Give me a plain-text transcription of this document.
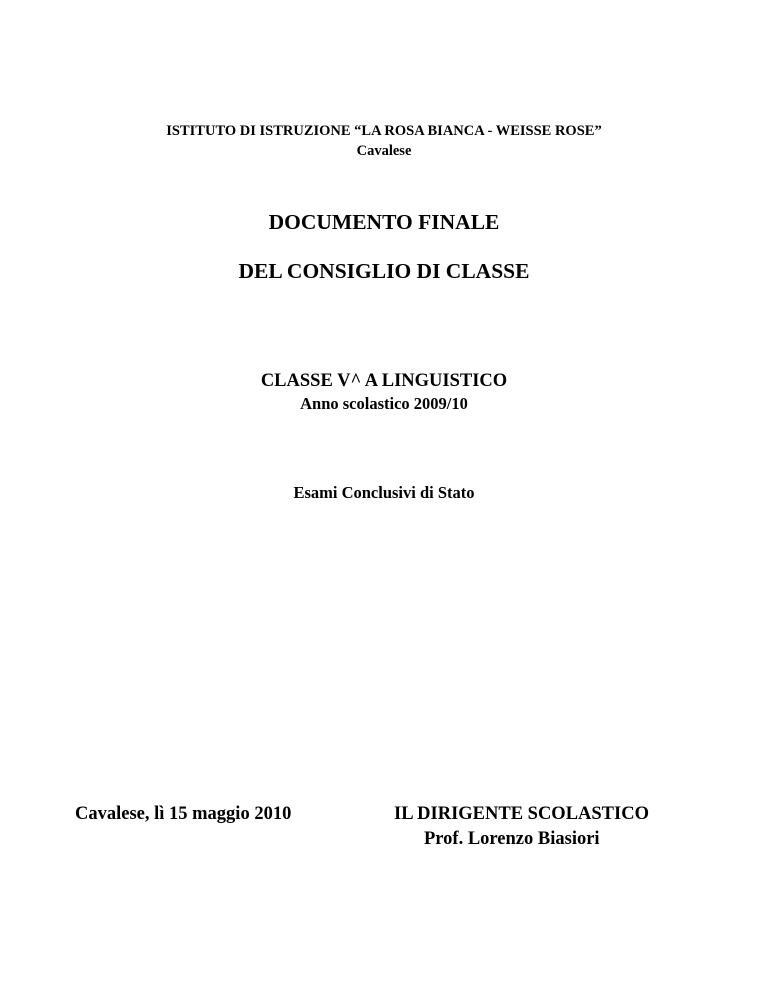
ISTITUTO DI ISTRUZIONE “LA ROSA BIANCA - WEISSE ROSE”

Cavalese

DOCUMENTO FINALE
DEL CONSIGLIO DI CLASSE

CLASSE V^ A LINGUISTICO

Anno scolastico 2009/10

Esami Conclusivi di Stato

Cavalese, lì 15 maggio 2010	IL DIRIGENTE SCOLASTICO

Prof. Lorenzo Biasiori
